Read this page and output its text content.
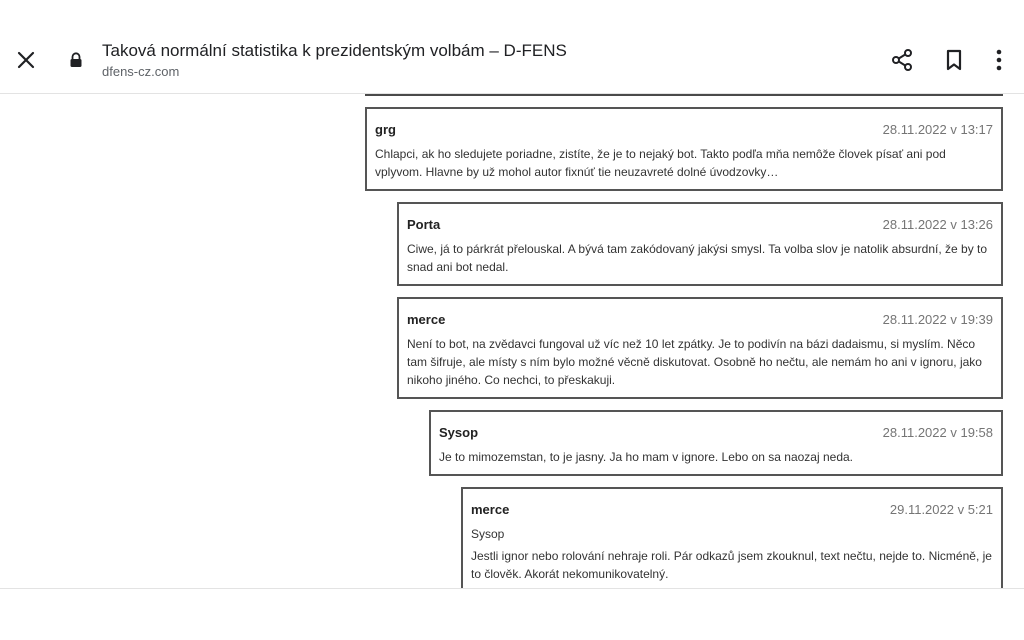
Taková normální statistika k prezidentským volbám – D-FENS
dfens-cz.com
grg	28.11.2022 v 13:17

Chlapci, ak ho sledujete poriadne, zistíte, že je to nejaký bot. Takto podľa mňa nemôže človek písať ani pod vplyvom. Hlavne by už mohol autor fixnúť tie neuzavreté dolné úvodzovky…

Porta	28.11.2022 v 13:26

Ciwe, já to párkrát přelouskal. A bývá tam zakódovaný jakýsi smysl. Ta volba slov je natolik absurdní, že by to snad ani bot nedal.

merce	28.11.2022 v 19:39

Není to bot, na zvědavci fungoval už víc než 10 let zpátky. Je to podivín na bázi dadaismu, si myslím. Něco tam šifruje, ale místy s ním bylo možné věcně diskutovat. Osobně ho nečtu, ale nemám ho ani v ignoru, jako nikoho jiného. Co nechci, to přeskakuji.

Sysop	28.11.2022 v 19:58

Je to mimozemstan, to je jasny. Ja ho mam v ignore. Lebo on sa naozaj neda.

merce	29.11.2022 v 5:21

Sysop

Jestli ignor nebo rolování nehraje roli. Pár odkazů jsem zkouknul, text nečtu, nejde to. Nicméně, je to člověk. Akorát nekomunikovatelný.
